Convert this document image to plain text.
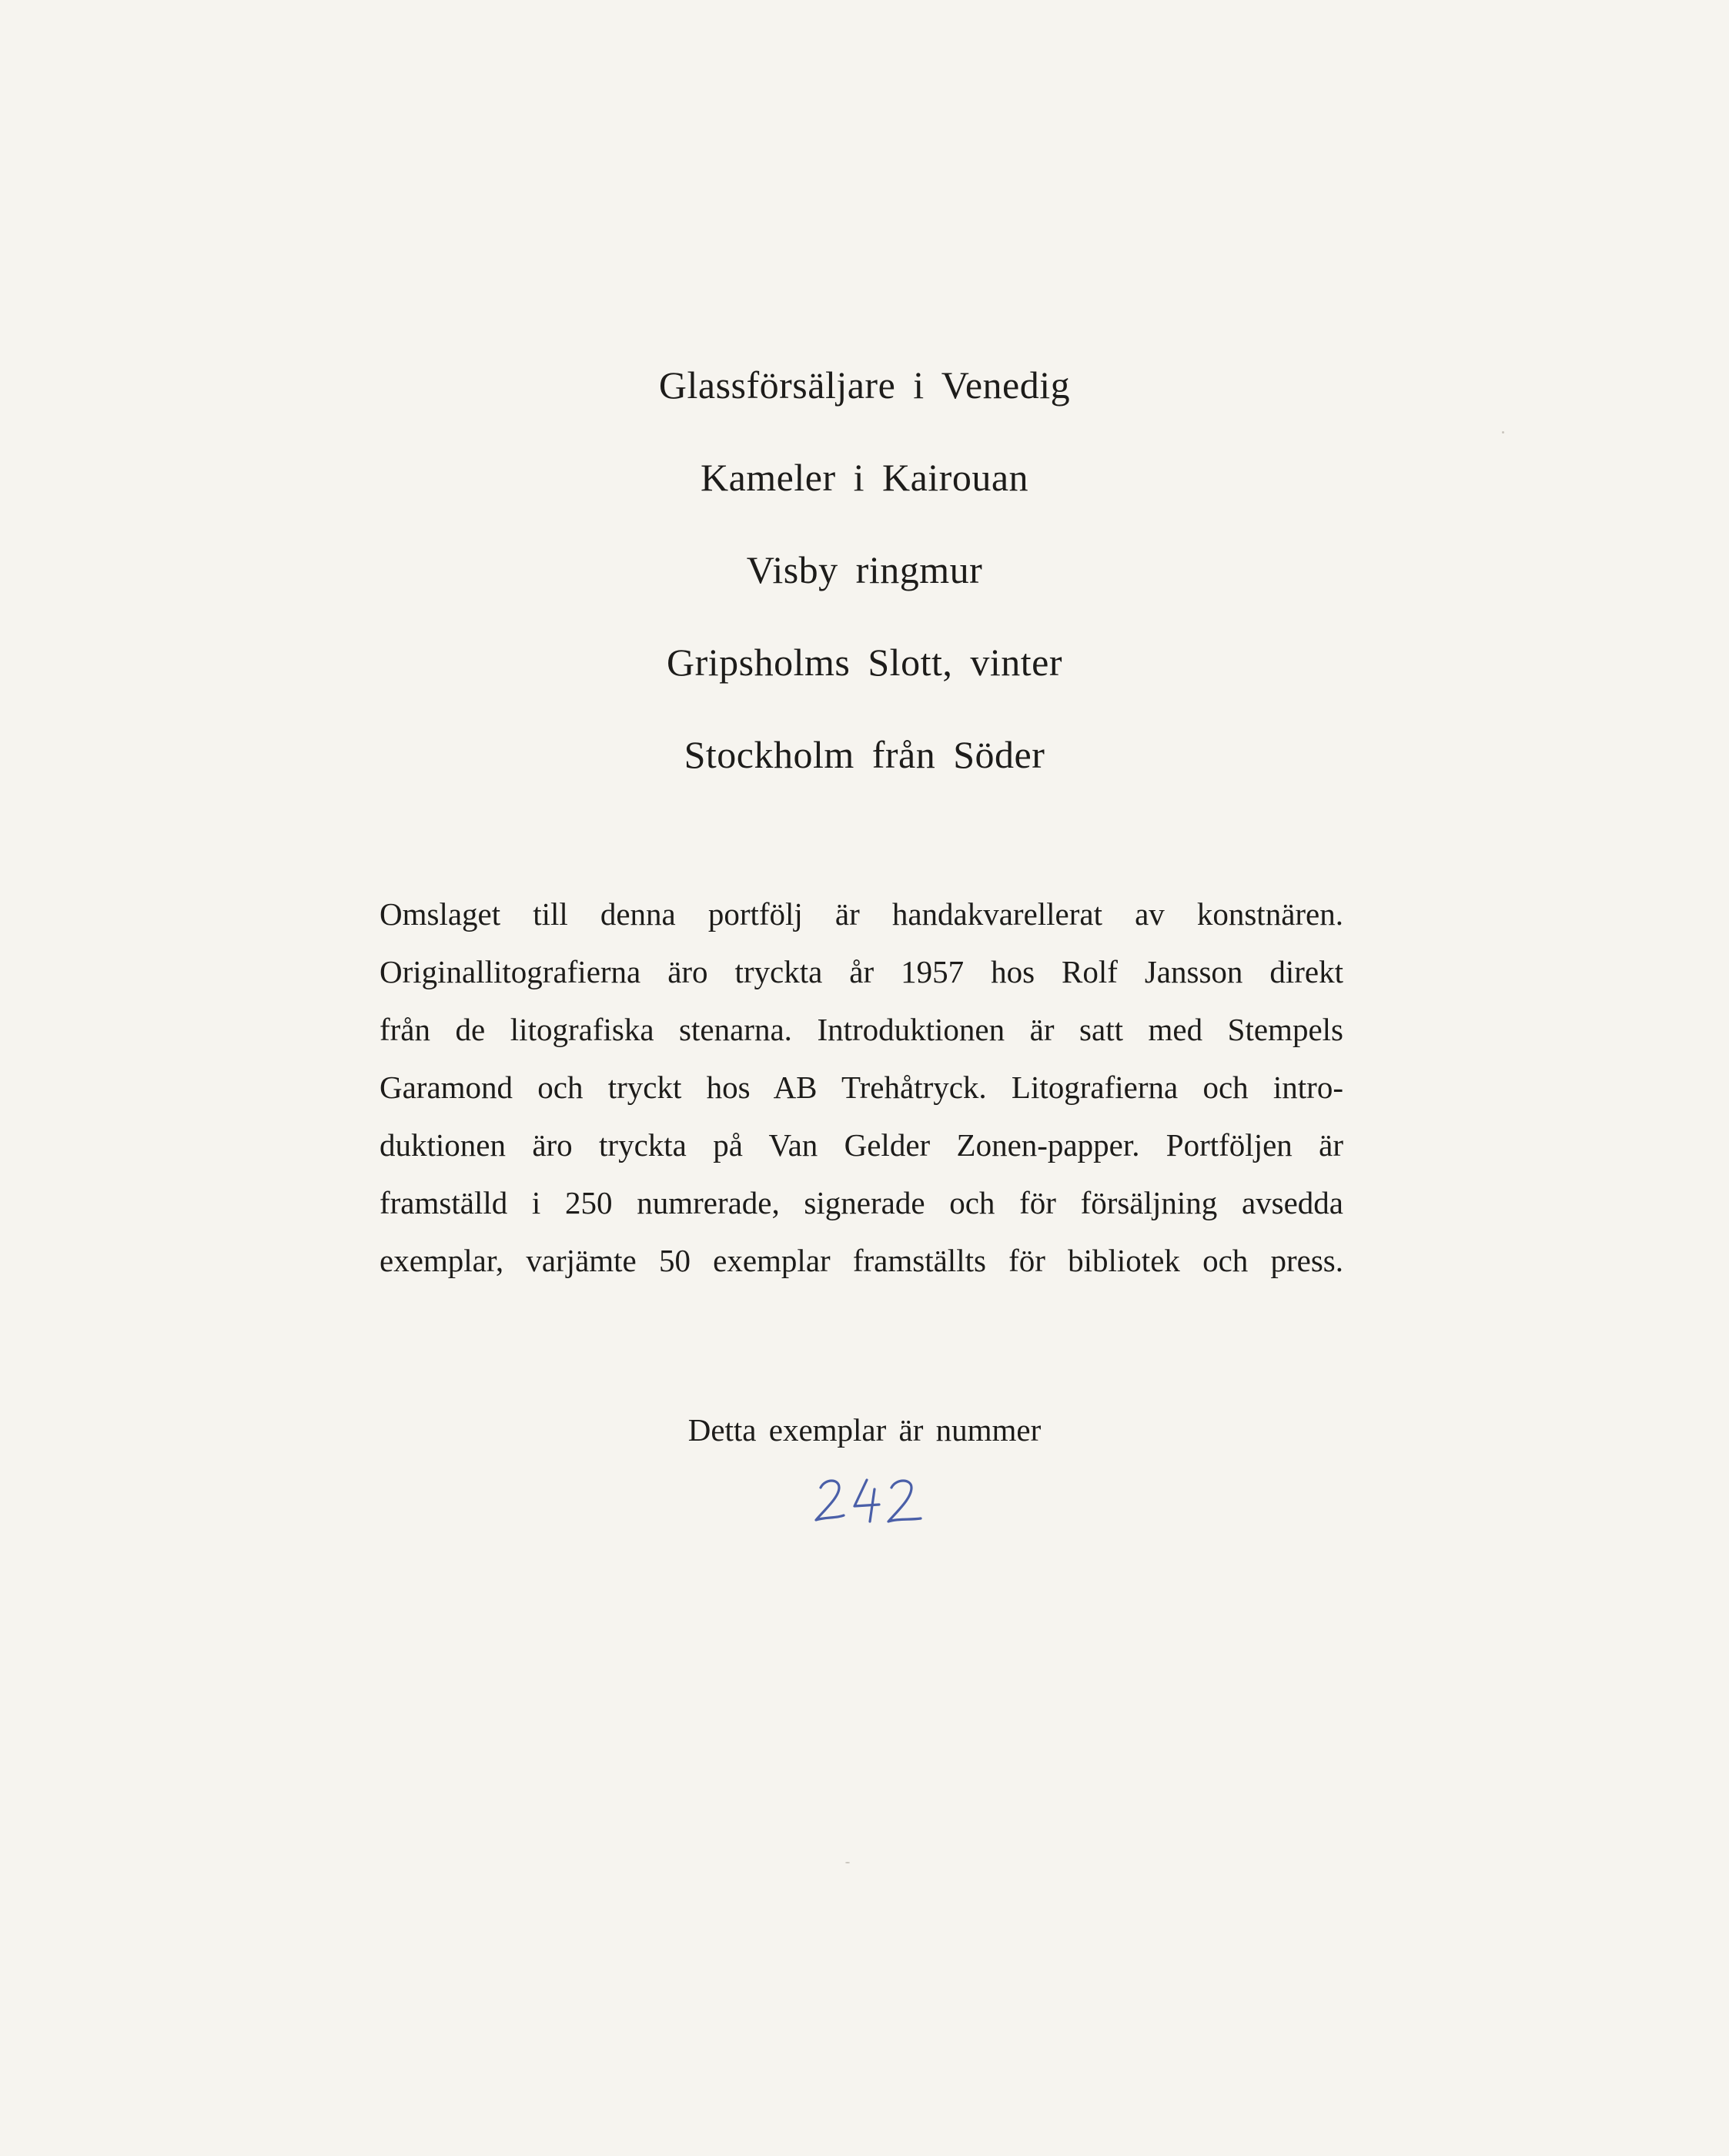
Glassförsäljare i Venedig
Kameler i Kairouan
Visby ringmur
Gripsholms Slott, vinter
Stockholm från Söder
Omslaget till denna portfölj är handakvarellerat av konstnären.
Originallitografierna äro tryckta år 1957 hos Rolf Jansson direkt
från de litografiska stenarna. Introduktionen är satt med Stempels
Garamond och tryckt hos AB Trehåtryck. Litografierna och intro-
duktionen äro tryckta på Van Gelder Zonen-papper. Portföljen är
framställd i 250 numrerade, signerade och för försäljning avsedda
exemplar, varjämte 50 exemplar framställts för bibliotek och press.
Detta exemplar är nummer
